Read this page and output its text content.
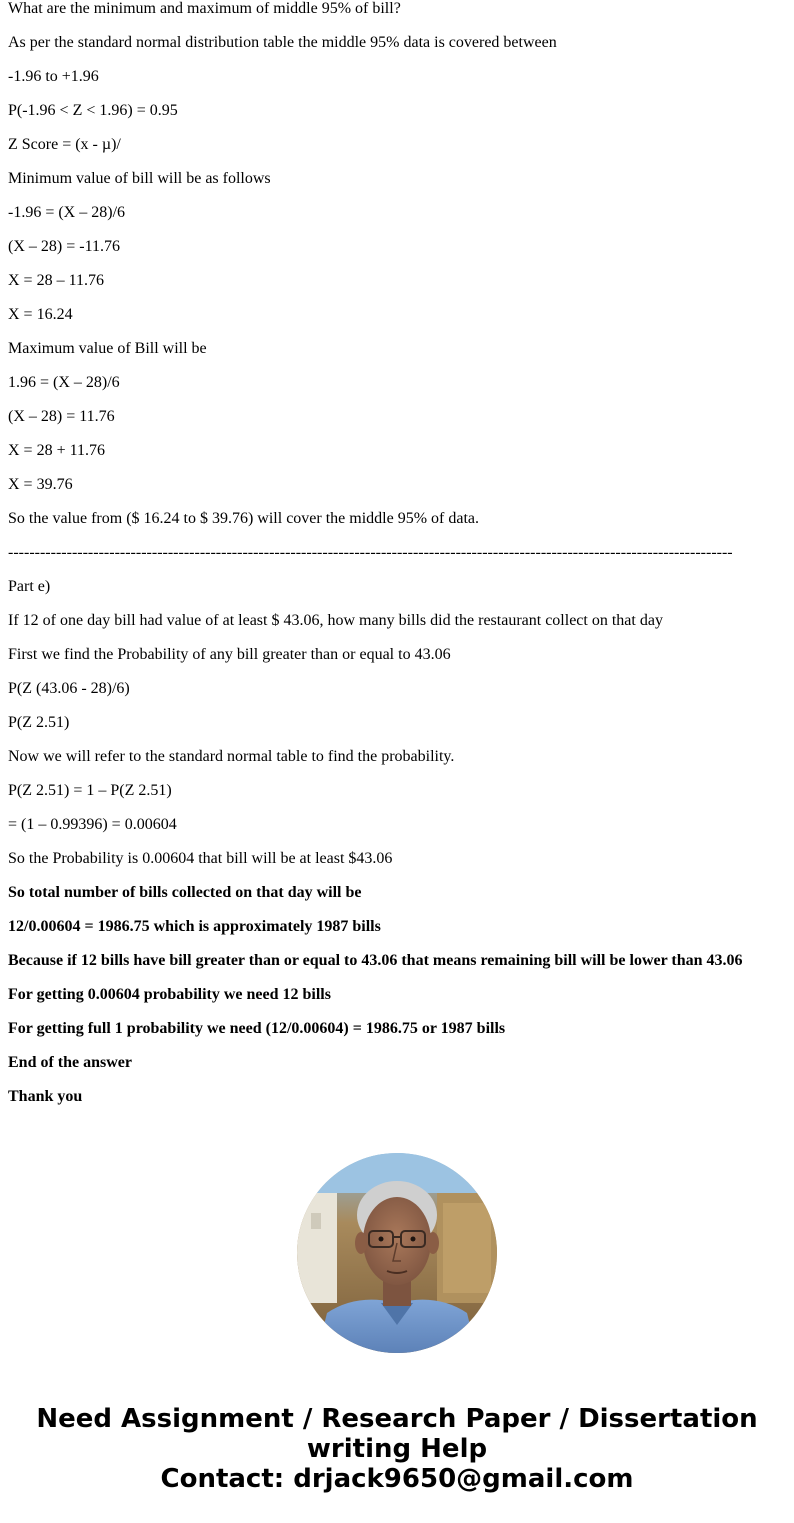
What are the minimum and maximum of middle 95% of bill?
As per the standard normal distribution table the middle 95% data is covered between
-1.96 to +1.96
P(-1.96 < Z < 1.96) = 0.95
Z Score = (x - µ)/
Minimum value of bill will be as follows
-1.96 = (X – 28)/6
(X – 28) = -11.76
X = 28 – 11.76
X = 16.24
Maximum value of Bill will be
1.96 = (X – 28)/6
(X – 28) = 11.76
X = 28 + 11.76
X = 39.76
So the value from ($ 16.24 to $ 39.76) will cover the middle 95% of data.
----------------------------------------------------------------------------------------------------------------------------------------
Part e)
If 12 of one day bill had value of at least $ 43.06, how many bills did the restaurant collect on that day
First we find the Probability of any bill greater than or equal to 43.06
P(Z (43.06 - 28)/6)
P(Z 2.51)
Now we will refer to the standard normal table to find the probability.
P(Z 2.51) = 1 – P(Z 2.51)
= (1 – 0.99396) = 0.00604
So the Probability is 0.00604 that bill will be at least $43.06
So total number of bills collected on that day will be
12/0.00604 = 1986.75 which is approximately 1987 bills
Because if 12 bills have bill greater than or equal to 43.06 that means remaining bill will be lower than 43.06
For getting 0.00604 probability we need 12 bills
For getting full 1 probability we need (12/0.00604) = 1986.75 or 1987 bills
End of the answer
Thank you
Need Assignment / Research Paper / Dissertation
writing Help
Contact: drjack9650@gmail.com
